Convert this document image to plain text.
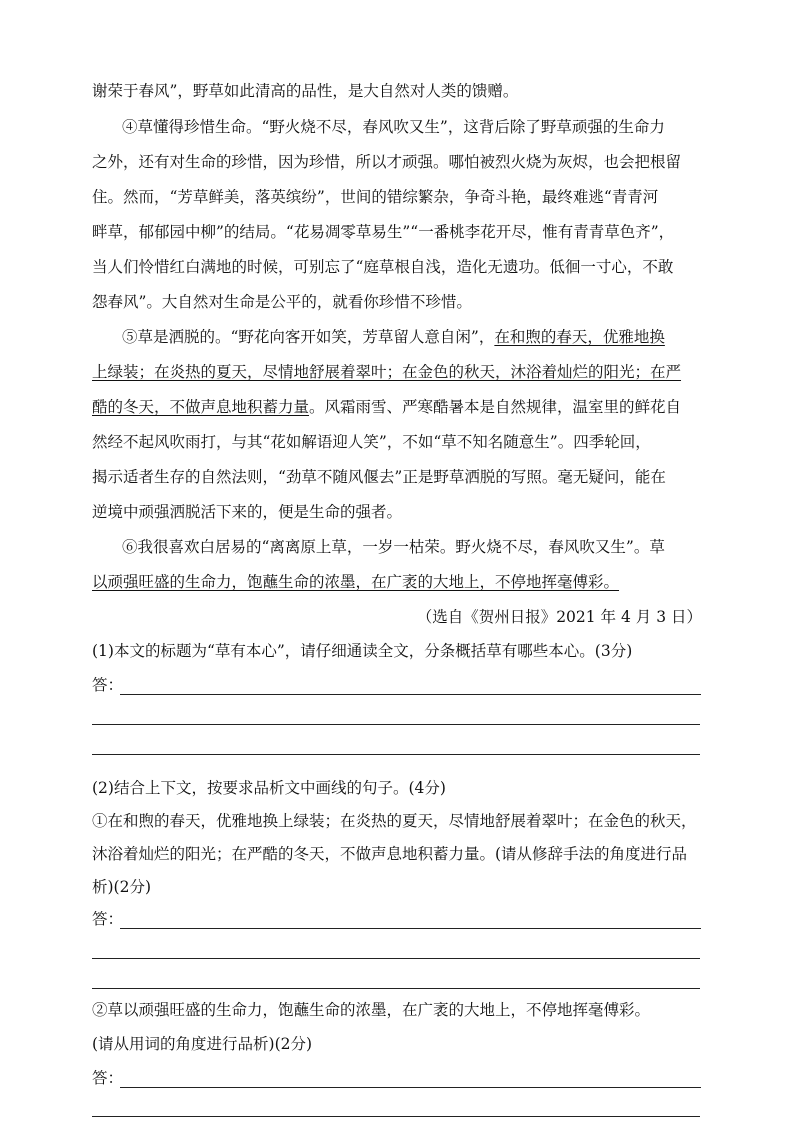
谢荣于春风”，野草如此清高的品性，是大自然对人类的馈赠。
④草懂得珍惜生命。“野火烧不尽，春风吹又生”，这背后除了野草顽强的生命力
之外，还有对生命的珍惜，因为珍惜，所以才顽强。哪怕被烈火烧为灰烬，也会把根留
住。然而，“芳草鲜美，落英缤纷”，世间的错综繁杂，争奇斗艳，最终难逃“青青河
畔草，郁郁园中柳”的结局。“花易凋零草易生”“一番桃李花开尽，惟有青青草色齐”，
当人们怜惜红白满地的时候，可别忘了“庭草根自浅，造化无遗功。低徊一寸心，不敢
怨春风”。大自然对生命是公平的，就看你珍惜不珍惜。
⑤草是洒脱的。“野花向客开如笑，芳草留人意自闲”，在和煦的春天，优雅地换
上绿装；在炎热的夏天，尽情地舒展着翠叶；在金色的秋天，沐浴着灿烂的阳光；在严
酷的冬天，不做声息地积蓄力量。风霜雨雪、严寒酷暑本是自然规律，温室里的鲜花自
然经不起风吹雨打，与其“花如解语迎人笑”，不如“草不知名随意生”。四季轮回，
揭示适者生存的自然法则，“劲草不随风偃去”正是野草洒脱的写照。毫无疑问，能在
逆境中顽强洒脱活下来的，便是生命的强者。
⑥我很喜欢白居易的“离离原上草，一岁一枯荣。野火烧不尽，春风吹又生”。草
以顽强旺盛的生命力，饱蘸生命的浓墨，在广袤的大地上，不停地挥毫傅彩。
（选自《贺州日报》2021 年 4 月 3 日）
(1)本文的标题为“草有本心”，请仔细通读全文，分条概括草有哪些本心。(3分)
答：
(2)结合上下文，按要求品析文中画线的句子。(4分)
①在和煦的春天，优雅地换上绿装；在炎热的夏天，尽情地舒展着翠叶；在金色的秋天，
沐浴着灿烂的阳光；在严酷的冬天，不做声息地积蓄力量。(请从修辞手法的角度进行品
析)(2分)
答：
②草以顽强旺盛的生命力，饱蘸生命的浓墨，在广袤的大地上，不停地挥毫傅彩。
(请从用词的角度进行品析)(2分)
答：
